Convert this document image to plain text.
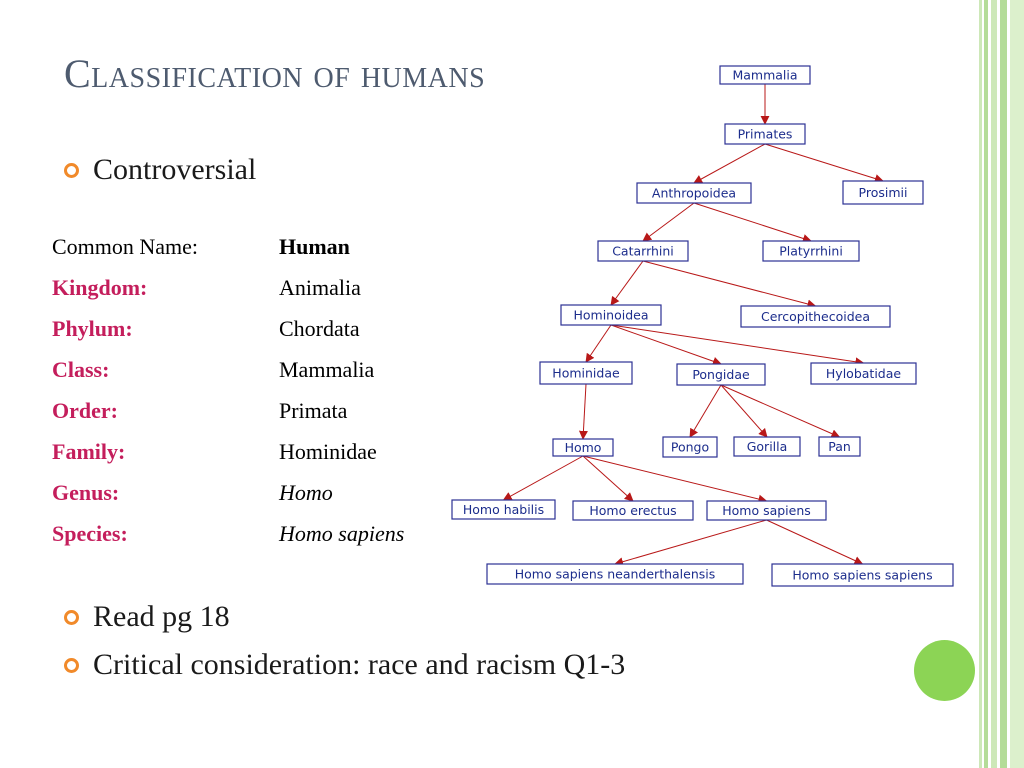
Classification of humans
Controversial
Common Name:	Human
Kingdom:	Animalia
Phylum:	Chordata
Class:	Mammalia
Order:	Primata
Family:	Hominidae
Genus:	Homo
Species:	Homo sapiens
Read pg 18
Critical consideration: race and racism Q1-3
Mammalia
Primates
Anthropoidea	Prosimii
Catarrhini	Platyrrhini
Hominoidea	Cercopithecoidea
Hominidae	Pongidae	Hylobatidae
Homo	Pongo	Gorilla	Pan
Homo habilis	Homo erectus	Homo sapiens
Homo sapiens neanderthalensis	Homo sapiens sapiens
